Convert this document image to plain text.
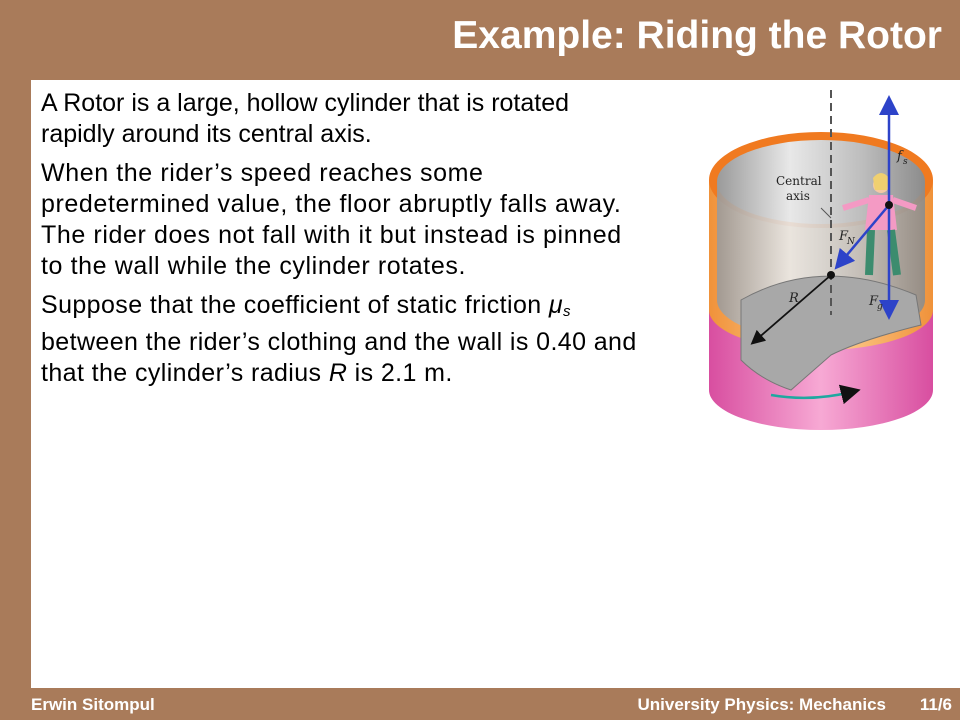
Example: Riding the Rotor

A Rotor is a large, hollow cylinder that is rotated rapidly around its central axis.

When the rider’s speed reaches some predetermined value, the floor abruptly falls away. The rider does not fall with it but instead is pinned to the wall while the cylinder rotates.

Suppose that the coefficient of static friction $\mu_s$ between the rider’s clothing and the wall is 0.40 and that the cylinder’s radius R is 2.1 m.

Central
axis
f s
F
N
F
g
R
Erwin Sitompul	University Physics: Mechanics 11/6
